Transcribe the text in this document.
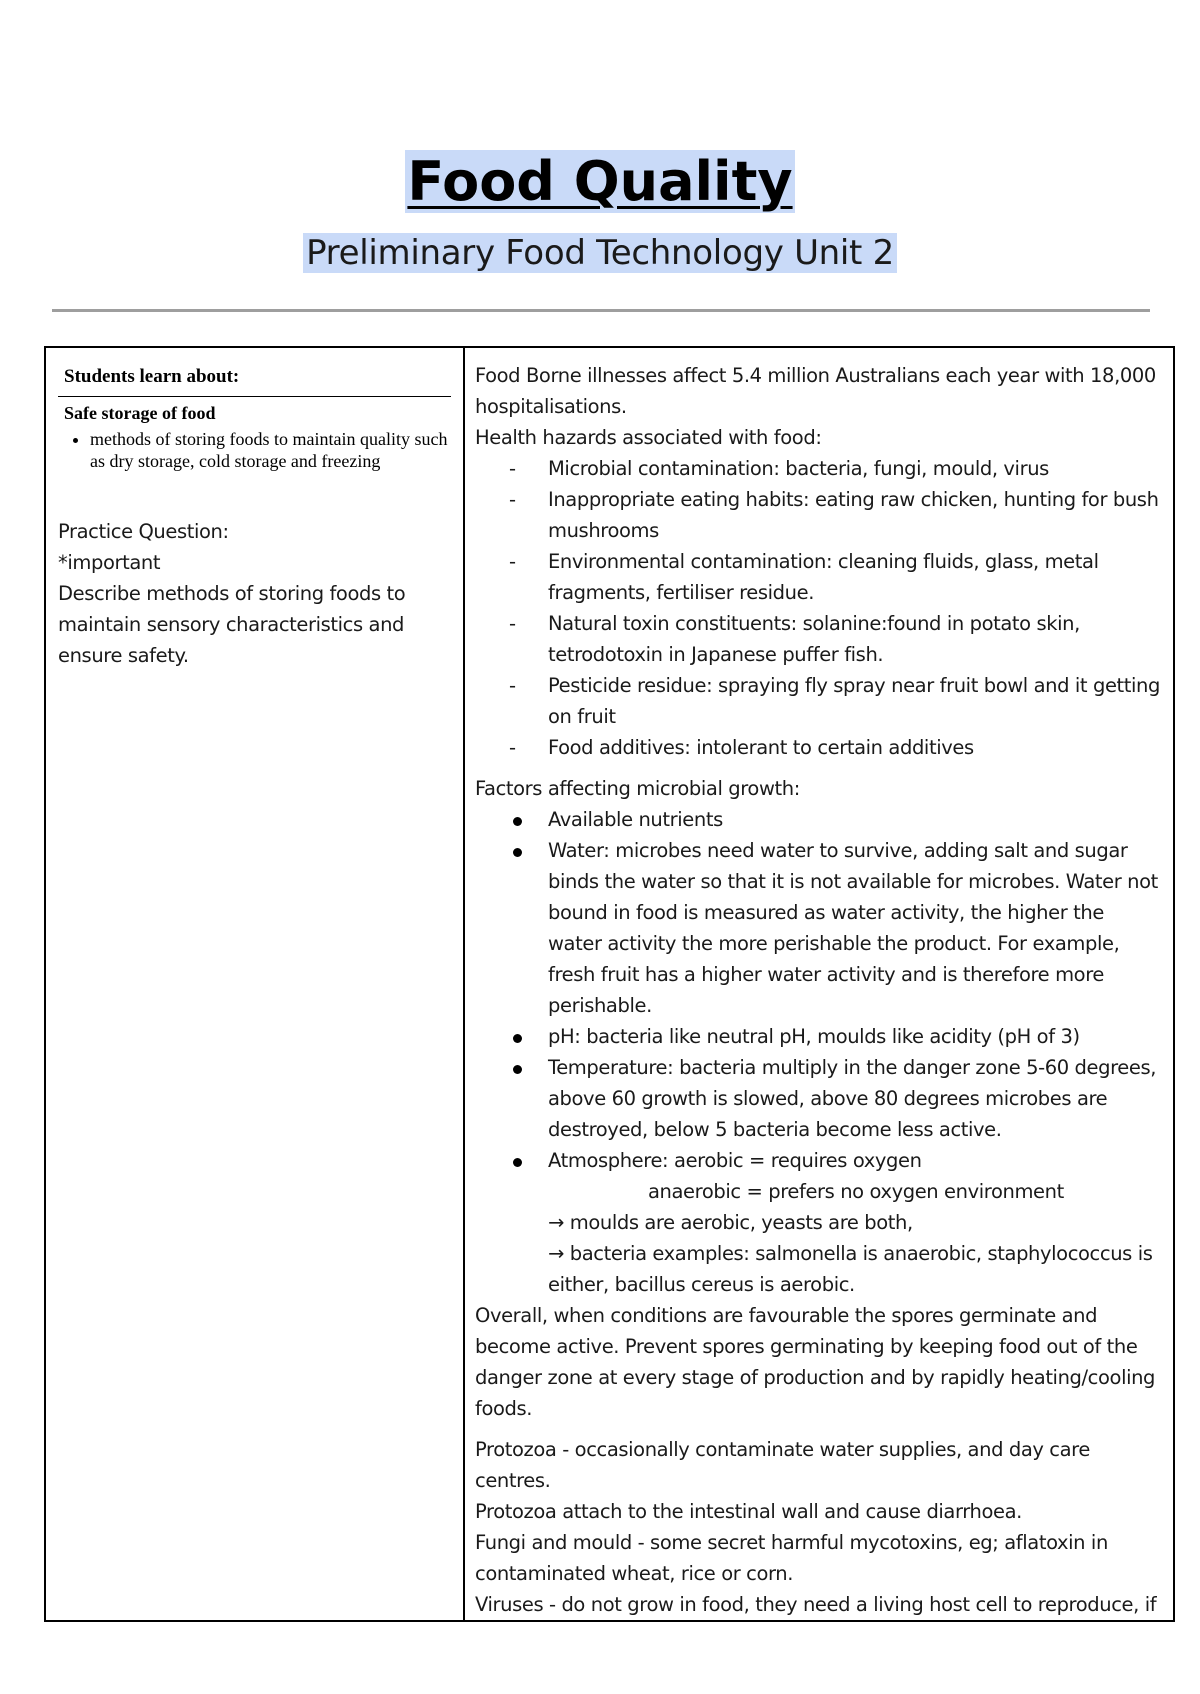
Food Quality
Preliminary Food Technology Unit 2
Students learn about:
Safe storage of food
• methods of storing foods to maintain quality such as dry storage, cold storage and freezing
Practice Question:
*important
Describe methods of storing foods to maintain sensory characteristics and ensure safety.

Food Borne illnesses affect 5.4 million Australians each year with 18,000 hospitalisations.
Health hazards associated with food:
- Microbial contamination: bacteria, fungi, mould, virus
- Inappropriate eating habits: eating raw chicken, hunting for bush mushrooms
- Environmental contamination: cleaning fluids, glass, metal fragments, fertiliser residue.
- Natural toxin constituents: solanine:found in potato skin, tetrodotoxin in Japanese puffer fish.
- Pesticide residue: spraying fly spray near fruit bowl and it getting on fruit
- Food additives: intolerant to certain additives
Factors affecting microbial growth:
Available nutrients
Water: microbes need water to survive, adding salt and sugar binds the water so that it is not available for microbes. Water not bound in food is measured as water activity, the higher the water activity the more perishable the product. For example, fresh fruit has a higher water activity and is therefore more perishable.
pH: bacteria like neutral pH, moulds like acidity (pH of 3)
Temperature: bacteria multiply in the danger zone 5-60 degrees, above 60 growth is slowed, above 80 degrees microbes are destroyed, below 5 bacteria become less active.
Atmosphere: aerobic = requires oxygen
anaerobic = prefers no oxygen environment
→ moulds are aerobic, yeasts are both,
→ bacteria examples: salmonella is anaerobic, staphylococcus is either, bacillus cereus is aerobic.
Overall, when conditions are favourable the spores germinate and become active. Prevent spores germinating by keeping food out of the danger zone at every stage of production and by rapidly heating/cooling foods.
Protozoa - occasionally contaminate water supplies, and day care centres.
Protozoa attach to the intestinal wall and cause diarrhoea.
Fungi and mould - some secret harmful mycotoxins, eg; aflatoxin in contaminated wheat, rice or corn.
Viruses - do not grow in food, they need a living host cell to reproduce, if
